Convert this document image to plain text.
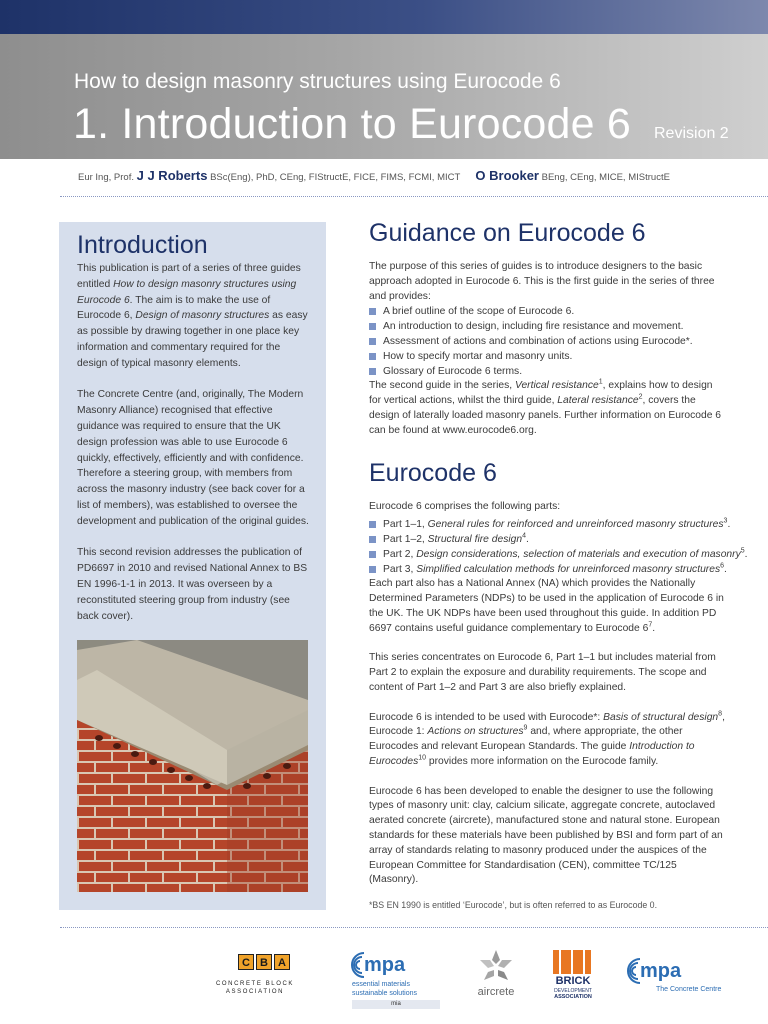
How to design masonry structures using Eurocode 6
1. Introduction to Eurocode 6 Revision 2
Eur Ing, Prof. J J Roberts BSc(Eng), PhD, CEng, FIStructE, FICE, FIMS, FCMI, MICT O Brooker BEng, CEng, MICE, MIStructE
Introduction

This publication is part of a series of three guides entitled How to design masonry structures using Eurocode 6. The aim is to make the use of Eurocode 6, Design of masonry structures as easy as possible by drawing together in one place key information and commentary required for the design of typical masonry elements.

The Concrete Centre (and, originally, The Modern Masonry Alliance) recognised that effective guidance was required to ensure that the UK design profession was able to use Eurocode 6 quickly, effectively, efficiently and with confidence. Therefore a steering group, with members from across the masonry industry (see back cover for a list of members), was established to oversee the development and publication of the original guides.

This second revision addresses the publication of PD6697 in 2010 and revised National Annex to BS EN 1996-1-1 in 2013. It was overseen by a reconstituted steering group from industry (see back cover).

Guidance on Eurocode 6

The purpose of this series of guides is to introduce designers to the basic approach adopted in Eurocode 6. This is the first guide in the series of three and provides:

A brief outline of the scope of Eurocode 6.
An introduction to design, including fire resistance and movement.
Assessment of actions and combination of actions using Eurocode*.
How to specify mortar and masonry units.
Glossary of Eurocode 6 terms.

The second guide in the series, Vertical resistance$^1$, explains how to design for vertical actions, whilst the third guide, Lateral resistance$^2$, covers the design of laterally loaded masonry panels. Further information on Eurocode 6 can be found at www.eurocode6.org.

Eurocode 6

Eurocode 6 comprises the following parts:

Part 1–1, General rules for reinforced and unreinforced masonry structures$^3$.
Part 1–2, Structural fire design$^4$.
Part 2, Design considerations, selection of materials and execution of masonry$^5$.
Part 3, Simplified calculation methods for unreinforced masonry structures$^6$.

Each part also has a National Annex (NA) which provides the Nationally Determined Parameters (NDPs) to be used in the application of Eurocode 6 in the UK. The UK NDPs have been used throughout this guide. In addition PD 6697 contains useful guidance complementary to Eurocode $6^7$.

This series concentrates on Eurocode 6, Part 1–1 but includes material from Part 2 to explain the exposure and durability requirements. The scope and content of Part 1–2 and Part 3 are also briefly explained.

Eurocode 6 is intended to be used with Eurocode*: Basis of structural design$^8$, Eurocode 1: Actions on structures$^9$ and, where appropriate, the other Eurocodes and relevant European Standards. The guide Introduction to Eurocodes$^{10}$ provides more information on the Eurocode family.

Eurocode 6 has been developed to enable the designer to use the following types of masonry unit: clay, calcium silicate, aggregate concrete, autoclaved aerated concrete (aircrete), manufactured stone and natural stone. European standards for these materials have been published by BSI and form part of an array of standards relating to masonry produced under the auspices of the European Committee for Standardisation (CEN), committee TC/125 (Masonry).

*BS EN 1990 is entitled ‘Eurocode’, but is often referred to as Eurocode 0.

C B A
CONCRETE BLOCK
ASSOCIATION
mpa
essential materials
sustainable solutions
mia
aircrete
BRICK
DEVELOPMENT
ASSOCIATION
mpa
The Concrete Centre
